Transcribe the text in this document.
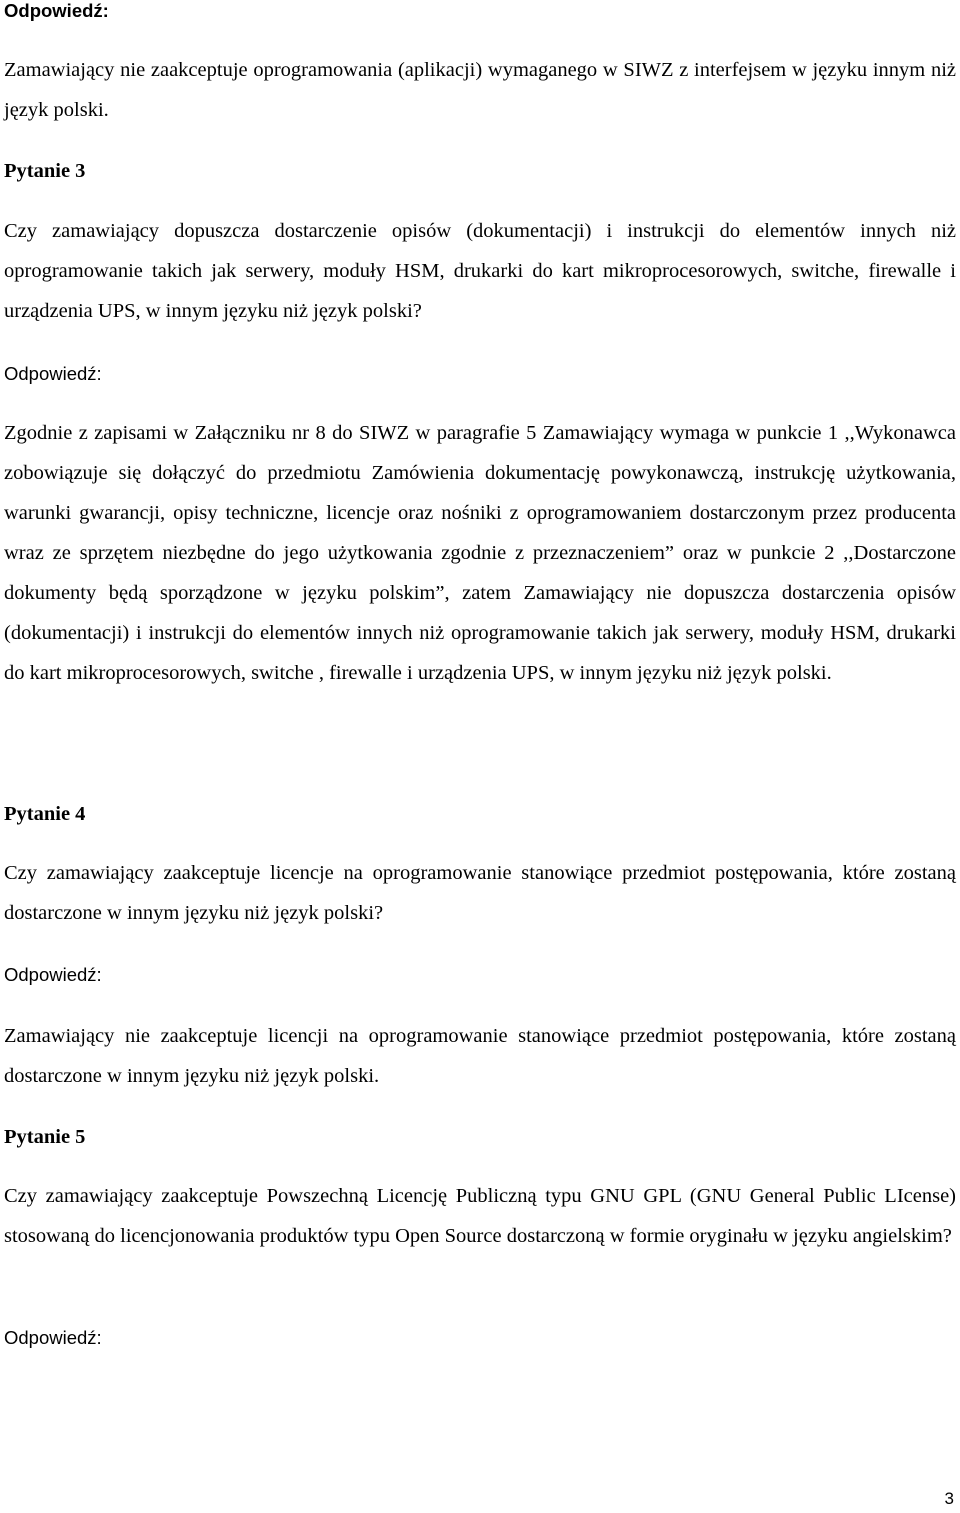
Odpowiedź:

Zamawiający nie zaakceptuje oprogramowania (aplikacji) wymaganego w SIWZ z interfejsem w języku innym niż język polski.

Pytanie 3

Czy zamawiający dopuszcza dostarczenie opisów (dokumentacji) i instrukcji do elementów innych niż oprogramowanie takich jak serwery, moduły HSM, drukarki do kart mikroprocesorowych, switche, firewalle i urządzenia UPS, w innym języku niż język polski?

Odpowiedź:

Zgodnie z zapisami w Załączniku nr 8 do SIWZ w paragrafie 5 Zamawiający wymaga w punkcie 1 ,,Wykonawca zobowiązuje się dołączyć do przedmiotu Zamówienia dokumentację powykonawczą, instrukcję użytkowania, warunki gwarancji, opisy techniczne, licencje oraz nośniki z oprogramowaniem dostarczonym przez producenta wraz ze sprzętem niezbędne do jego użytkowania zgodnie z przeznaczeniem” oraz w punkcie 2 ,,Dostarczone dokumenty będą sporządzone w języku polskim”, zatem Zamawiający nie dopuszcza dostarczenia opisów (dokumentacji) i instrukcji do elementów innych niż oprogramowanie takich jak serwery, moduły HSM, drukarki do kart mikroprocesorowych, switche , firewalle i urządzenia UPS, w innym języku niż język polski.

Pytanie 4

Czy zamawiający zaakceptuje licencje na oprogramowanie stanowiące przedmiot postępowania, które zostaną dostarczone w innym języku niż język polski?

Odpowiedź:

Zamawiający nie zaakceptuje licencji na oprogramowanie stanowiące przedmiot postępowania, które zostaną dostarczone w innym języku niż język polski.

Pytanie 5

Czy zamawiający zaakceptuje Powszechną Licencję Publiczną typu GNU GPL (GNU General Public LIcense) stosowaną do licencjonowania produktów typu Open Source dostarczoną w formie oryginału w języku angielskim?

Odpowiedź:

3
